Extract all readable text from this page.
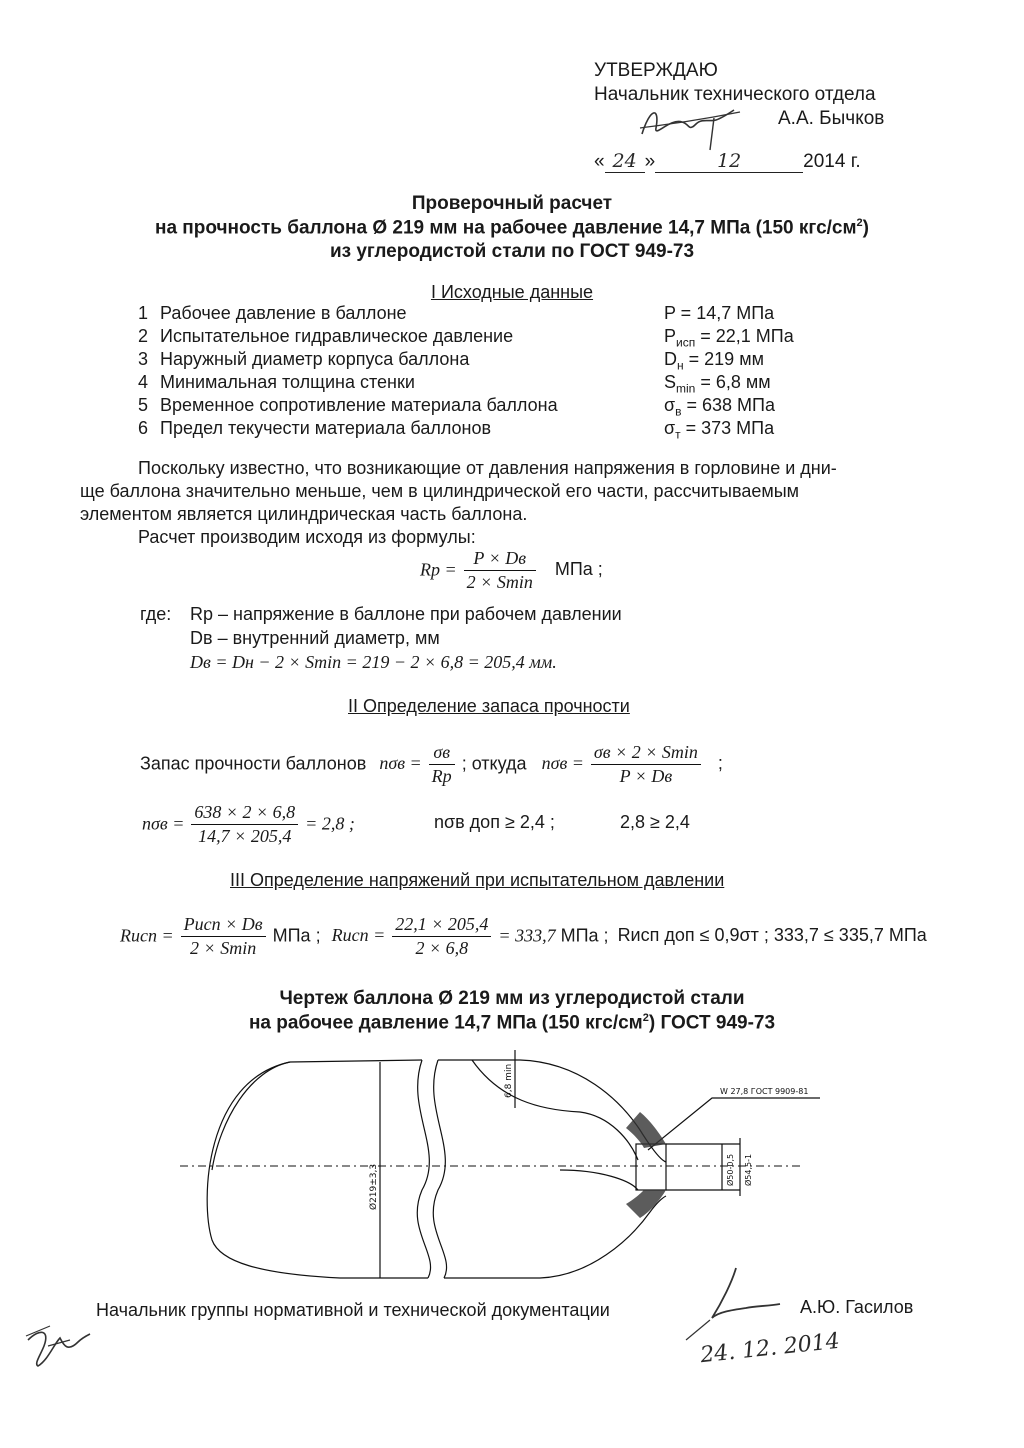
УТВЕРЖДАЮ
Начальник технического отдела
А.А. Бычков
« 24 »	12	2014 г.
Проверочный расчет
на прочность баллона Ø 219 мм на рабочее давление 14,7 МПа (150 кгс/$см^2$)
из углеродистой стали по ГОСТ 949-73
I Исходные данные
1 Рабочее давление в баллоне	P = 14,7 МПа
2 Испытательное гидравлическое давление	$P_{исп} = 22,1$ МПа
3 Наружный диаметр корпуса баллона	$D_н = 219$ мм
4 Минимальная толщина стенки	$S_{min} = 6,8$ мм
5 Временное сопротивление материала баллона	$\sigma_в = 638$ МПа
6 Предел текучести материала баллонов	$\sigma_т = 373$ МПа
Поскольку известно, что возникающие от давления напряжения в горловине и дни-
ще баллона значительно меньше, чем в цилиндрической его части, рассчитываемым
элементом является цилиндрическая часть баллона.
Расчет производим исходя из формулы:
$Rp = \frac{P \times Dв}{2 \times Smin}$ МПа ;
где: Rp – напряжение в баллоне при рабочем давлении
Dв – внутренний диаметр, мм
Dв = Dн − 2 × Smin = 219 − 2 × 6,8 = 205,4 мм.
II Определение запаса прочности
Запас прочности баллонов $n\sigma в = \frac{\sigma в}{Rp}$ ; откуда $n\sigma в = \frac{\sigma в \times 2 \times Smin}{P \times Dв}$ ;
$n\sigma в = \frac{638 \times 2 \times 6,8}{14,7 \times 205,4} = 2,8$ ;	nσв доп ≥ 2,4 ;	2,8 ≥ 2,4
III Определение напряжений при испытательном давлении
Rисп = $\frac{\text{Pисп × Dв}}{2 \times Smin}$ МПа ; Rисп = $\frac{22,1 \times 205,4}{2 \times 6,8} = 333,7$ МПа ; Rисп доп ≤ 0,9σт ; 333,7 ≤ 335,7 МПа
Чертеж баллона Ø 219 мм из углеродистой стали
на рабочее давление 14,7 МПа (150 кгс/$см^2$) ГОСТ 949-73
W 27,8 ГОСТ 9909-81
6,8 min
Ø219±3,3	Ø50-0,5 Ø54,5-1
Начальник группы нормативной и технической документации	А.Ю. Гасилов
24. 12. 2014
